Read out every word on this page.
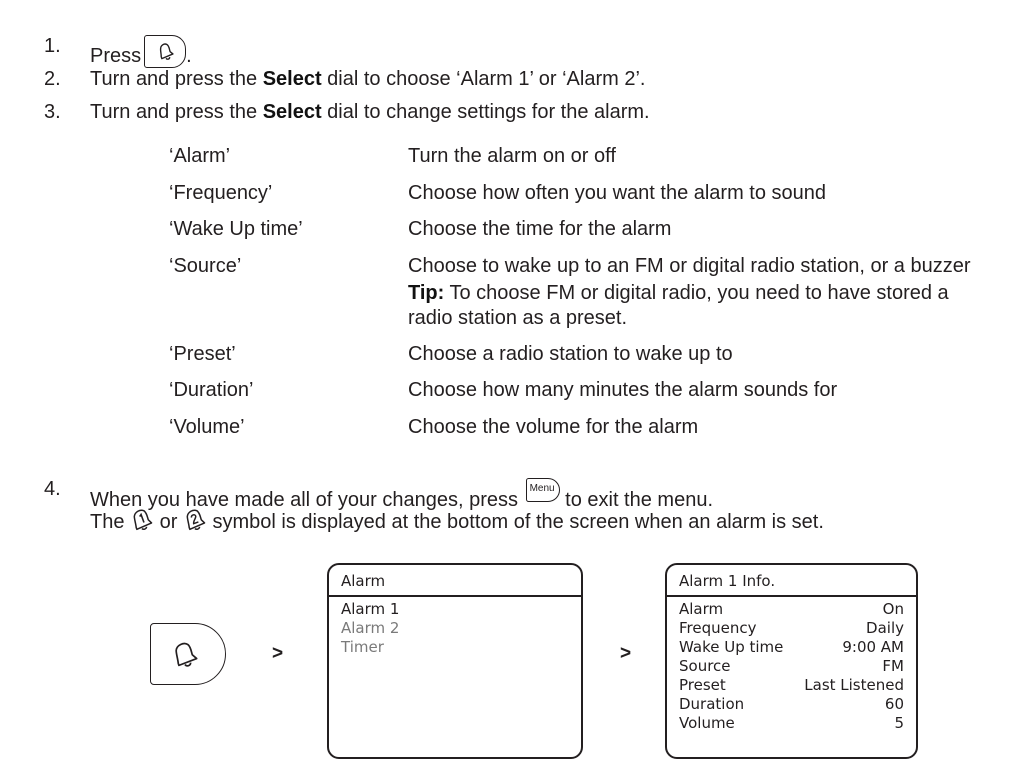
1. Press .
2. Turn and press the Select dial to choose ‘Alarm 1’ or ‘Alarm 2’.
3. Turn and press the Select dial to change settings for the alarm.
‘Alarm’	Turn the alarm on or off
‘Frequency’	Choose how often you want the alarm to sound
‘Wake Up time’	Choose the time for the alarm
‘Source’	Choose to wake up to an FM or digital radio station, or a buzzer
Tip: To choose FM or digital radio, you need to have stored a
radio station as a preset.
‘Preset’	Choose a radio station to wake up to
‘Duration’	Choose how many minutes the alarm sounds for
‘Volume’	Choose the volume for the alarm
4. When you have made all of your changes, press
Menu
to exit the menu.
The  or  symbol is displayed at the bottom of the screen when an alarm is set.
>
Alarm
Alarm 1
Alarm 2
Timer	>
Alarm 1 Info.
Alarm	On
Frequency	Daily
Wake Up time	9:00 AM
Source	FM
Preset	Last Listened
Duration	60
Volume	5
